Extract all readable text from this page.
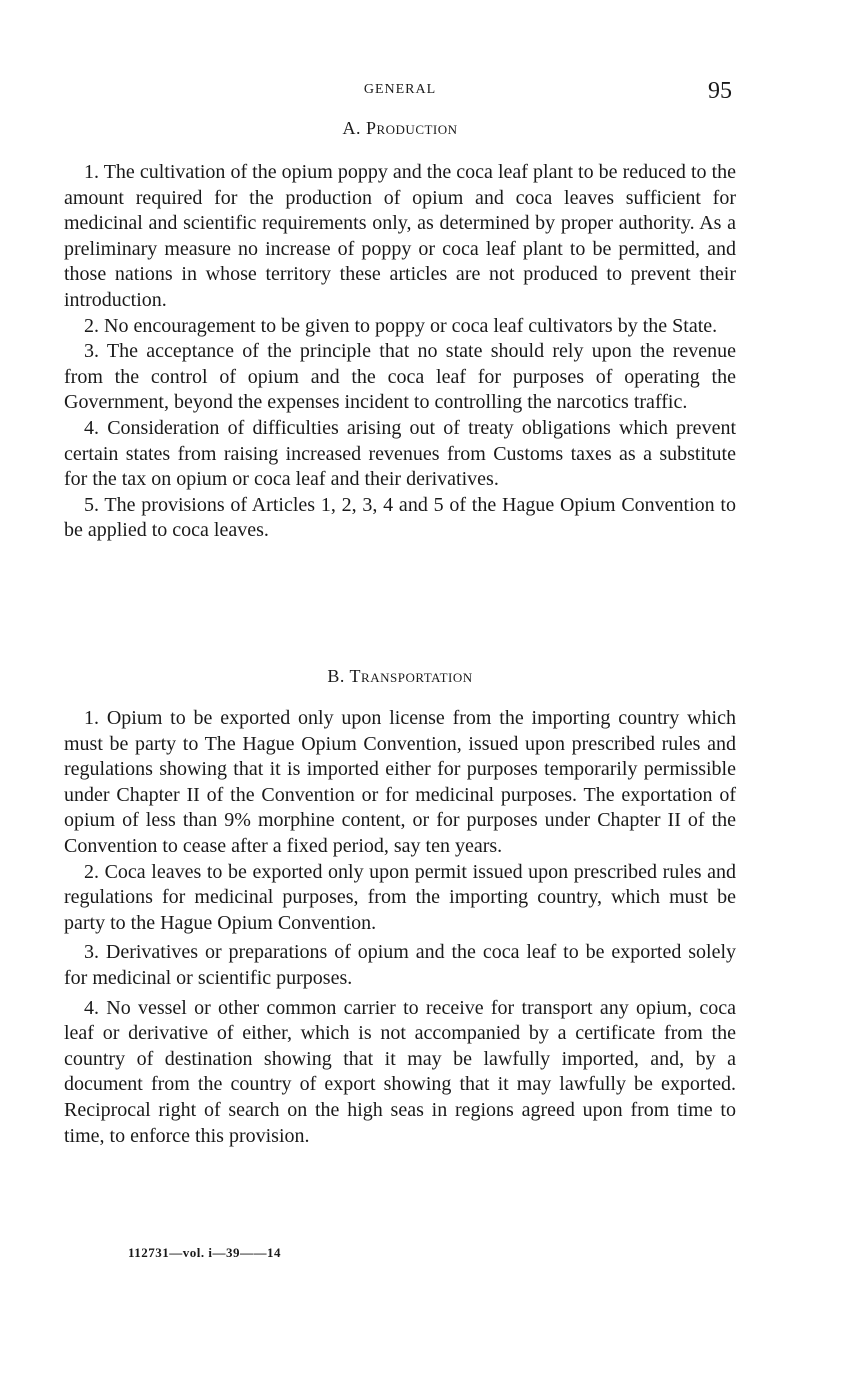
GENERAL	95
A. Production

1. The cultivation of the opium poppy and the coca leaf plant to be reduced to the amount required for the production of opium and coca leaves sufficient for medicinal and scientific requirements only, as determined by proper authority. As a preliminary measure no increase of poppy or coca leaf plant to be permitted, and those nations in whose territory these articles are not produced to prevent their introduction.

2. No encouragement to be given to poppy or coca leaf cultivators by the State.

3. The acceptance of the principle that no state should rely upon the revenue from the control of opium and the coca leaf for purposes of operating the Government, beyond the expenses incident to controlling the narcotics traffic.

4. Consideration of difficulties arising out of treaty obligations which prevent certain states from raising increased revenues from Customs taxes as a substitute for the tax on opium or coca leaf and their derivatives.

5. The provisions of Articles 1, 2, 3, 4 and 5 of the Hague Opium Convention to be applied to coca leaves.

B. Transportation

1. Opium to be exported only upon license from the importing country which must be party to The Hague Opium Convention, issued upon prescribed rules and regulations showing that it is imported either for purposes temporarily permissible under Chapter II of the Convention or for medicinal purposes. The exportation of opium of less than 9% morphine content, or for purposes under Chapter II of the Convention to cease after a fixed period, say ten years.

2. Coca leaves to be exported only upon permit issued upon prescribed rules and regulations for medicinal purposes, from the importing country, which must be party to the Hague Opium Convention.

3. Derivatives or preparations of opium and the coca leaf to be exported solely for medicinal or scientific purposes.

4. No vessel or other common carrier to receive for transport any opium, coca leaf or derivative of either, which is not accompanied by a certificate from the country of destination showing that it may be lawfully imported, and, by a document from the country of export showing that it may lawfully be exported. Reciprocal right of search on the high seas in regions agreed upon from time to time, to enforce this provision.

112731—vol. i—39——14
